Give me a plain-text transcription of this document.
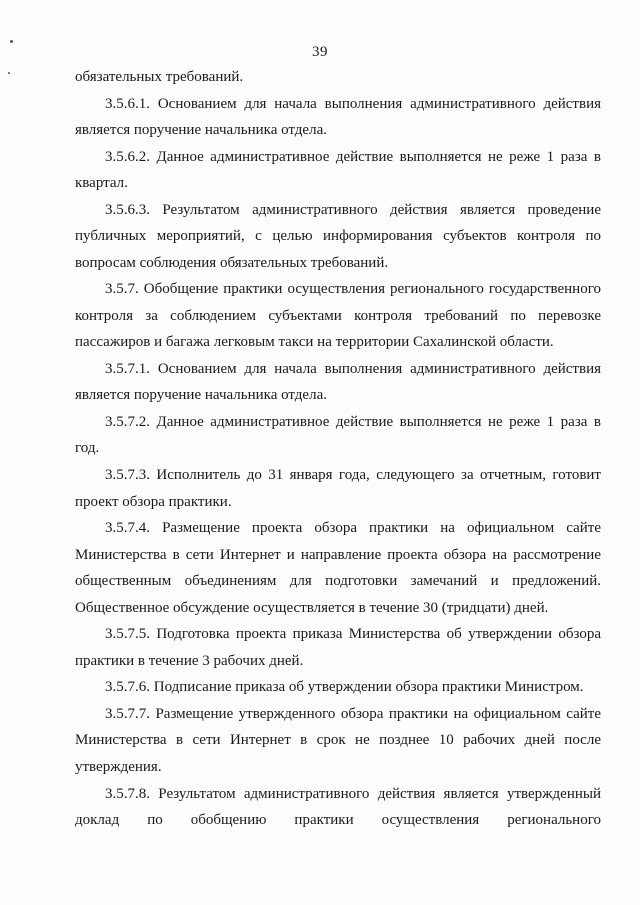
39

обязательных требований.

3.5.6.1. Основанием для начала выполнения административного действия является поручение начальника отдела.

3.5.6.2. Данное административное действие выполняется не реже 1 раза в квартал.

3.5.6.3. Результатом административного действия является проведение публичных мероприятий, с целью информирования субъектов контроля по вопросам соблюдения обязательных требований.

3.5.7. Обобщение практики осуществления регионального государственного контроля за соблюдением субъектами контроля требований по перевозке пассажиров и багажа легковым такси на территории Сахалинской области.

3.5.7.1. Основанием для начала выполнения административного действия является поручение начальника отдела.

3.5.7.2. Данное административное действие выполняется не реже 1 раза в год.

3.5.7.3. Исполнитель до 31 января года, следующего за отчетным, готовит проект обзора практики.

3.5.7.4. Размещение проекта обзора практики на официальном сайте Министерства в сети Интернет и направление проекта обзора на рассмотрение общественным объединениям для подготовки замечаний и предложений. Общественное обсуждение осуществляется в течение 30 (тридцати) дней.

3.5.7.5. Подготовка проекта приказа Министерства об утверждении обзора практики в течение 3 рабочих дней.

3.5.7.6. Подписание приказа об утверждении обзора практики Министром.

3.5.7.7. Размещение утвержденного обзора практики на официальном сайте Министерства в сети Интернет в срок не позднее 10 рабочих дней после утверждения.

3.5.7.8. Результатом административного действия является утвержденный доклад по обобщению практики осуществления регионального
